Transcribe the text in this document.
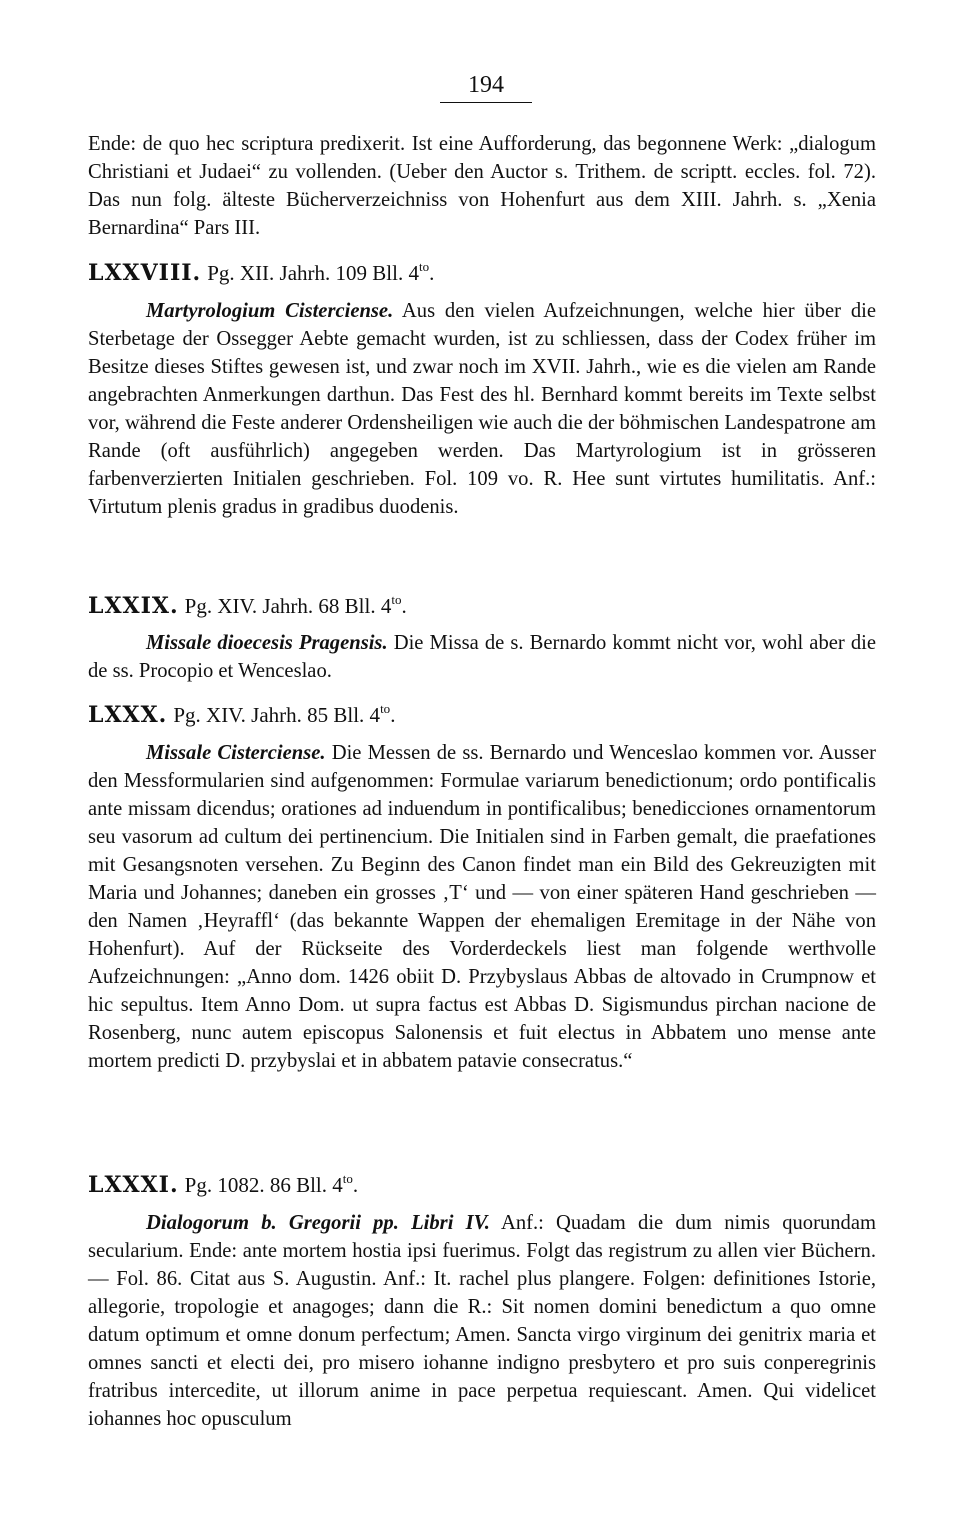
194

Ende: de quo hec scriptura predixerit. Ist eine Aufforderung, das begonnene Werk: „dialogum Christiani et Judaei“ zu vollenden. (Ueber den Auctor s. Trithem. de scriptt. eccles. fol. 72). Das nun folg. älteste Bücherverzeichniss von Hohenfurt aus dem XIII. Jahrh. s. „Xenia Bernardina“ Pars III.

LXXVIII. Pg. XII. Jahrh. 109 Bll. $4^{to}$.

Martyrologium Cisterciense. Aus den vielen Aufzeichnungen, welche hier über die Sterbetage der Ossegger Aebte gemacht wurden, ist zu schliessen, dass der Codex früher im Besitze dieses Stiftes gewesen ist, und zwar noch im XVII. Jahrh., wie es die vielen am Rande angebrachten Anmerkungen darthun. Das Fest des hl. Bernhard kommt bereits im Texte selbst vor, während die Feste anderer Ordensheiligen wie auch die der böhmischen Landespatrone am Rande (oft ausführlich) angegeben werden. Das Martyrologium ist in grösseren farbenverzierten Initialen geschrieben. Fol. 109 vo. R. Hee sunt virtutes humilitatis. Anf.: Virtutum plenis gradus in gradibus duodenis.

LXXIX. Pg. XIV. Jahrh. 68 Bll. $4^{to}$.

Missale dioecesis Pragensis. Die Missa de s. Bernardo kommt nicht vor, wohl aber die de ss. Procopio et Wenceslao.

LXXX. Pg. XIV. Jahrh. 85 Bll. $4^{to}$.

Missale Cisterciense. Die Messen de ss. Bernardo und Wenceslao kommen vor. Ausser den Messformularien sind aufgenommen: Formulae variarum benedictionum; ordo pontificalis ante missam dicendus; orationes ad induendum in pontificalibus; benedicciones ornamentorum seu vasorum ad cultum dei pertinencium. Die Initialen sind in Farben gemalt, die praefationes mit Gesangsnoten versehen. Zu Beginn des Canon findet man ein Bild des Gekreuzigten mit Maria und Johannes; daneben ein grosses ‚T‘ und — von einer späteren Hand geschrieben — den Namen ‚Heyraffl‘ (das bekannte Wappen der ehemaligen Eremitage in der Nähe von Hohenfurt). Auf der Rückseite des Vorderdeckels liest man folgende werthvolle Aufzeichnungen: „Anno dom. 1426 obiit D. Przybyslaus Abbas de altovado in Crumpnow et hic sepultus. Item Anno Dom. ut supra factus est Abbas D. Sigismundus pirchan nacione de Rosenberg, nunc autem episcopus Salonensis et fuit electus in Abbatem uno mense ante mortem predicti D. przybyslai et in abbatem patavie consecratus.“

LXXXI. Pg. 1082. 86 Bll. $4^{to}$.

Dialogorum b. Gregorii pp. Libri IV. Anf.: Quadam die dum nimis quorundam secularium. Ende: ante mortem hostia ipsi fuerimus. Folgt das registrum zu allen vier Büchern. — Fol. 86. Citat aus S. Augustin. Anf.: It. rachel plus plangere. Folgen: definitiones Istorie, allegorie, tropologie et anagoges; dann die R.: Sit nomen domini benedictum a quo omne datum optimum et omne donum perfectum; Amen. Sancta virgo virginum dei genitrix maria et omnes sancti et electi dei, pro misero iohanne indigno presbytero et pro suis conperegrinis fratribus intercedite, ut illorum anime in pace perpetua requiescant. Amen. Qui videlicet iohannes hoc opusculum
